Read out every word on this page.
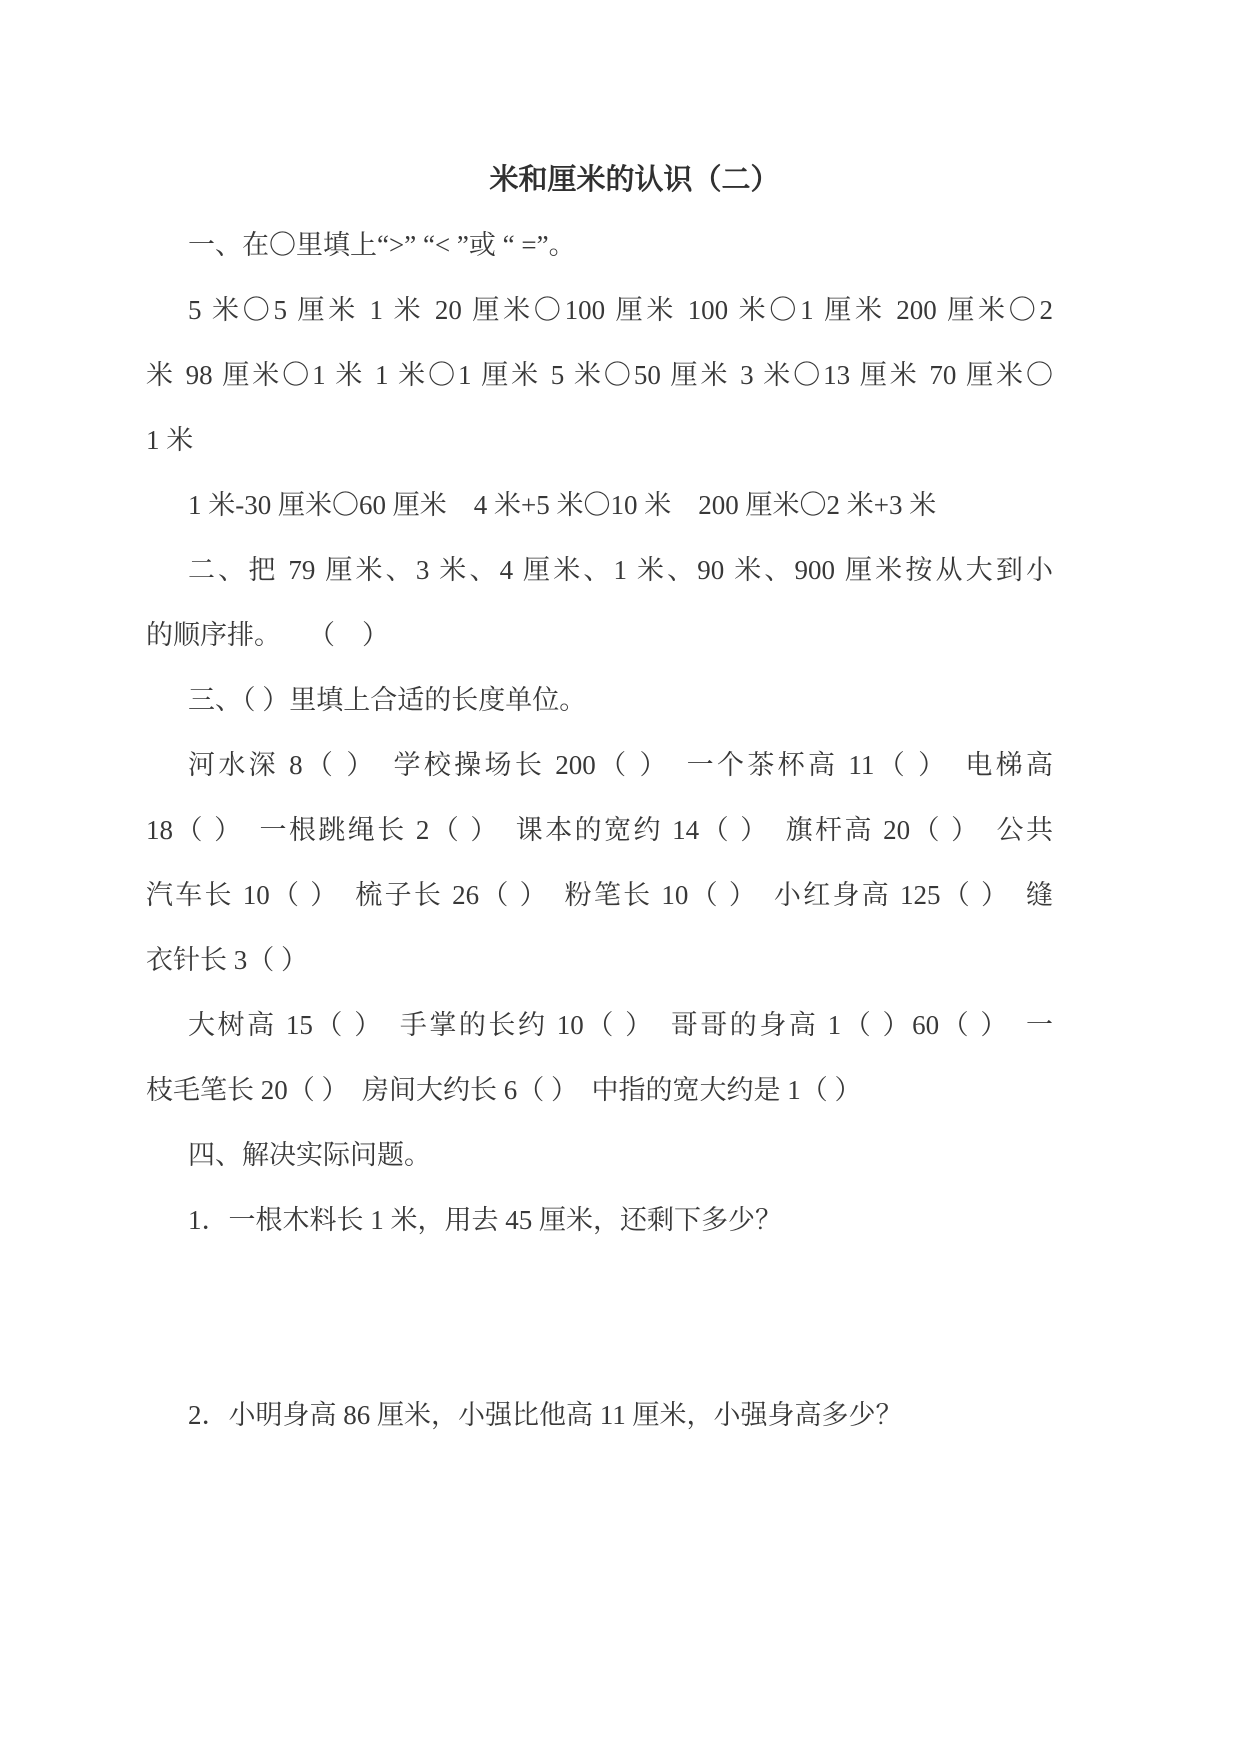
米和厘米的认识（二）
一、在〇里填上“>” “< ”或 “ =”。
5 米〇5 厘米 1 米 20 厘米〇100 厘米 100 米〇1 厘米 200 厘米〇2
米 98 厘米〇1 米 1 米〇1 厘米 5 米〇50 厘米 3 米〇13 厘米 70 厘米〇
1 米
1 米-30 厘米〇60 厘米　4 米+5 米〇10 米　200 厘米〇2 米+3 米
二、把 79 厘米、3 米、4 厘米、1 米、90 米、900 厘米按从大到小
的顺序排。　　（　）
三、（ ）里填上合适的长度单位。
河水深 8（ ）　学校操场长 200（ ）　一个茶杯高 11（ ）　电梯高
18（ ）　一根跳绳长 2（ ）　课本的宽约 14（ ）　旗杆高 20（ ）　公共
汽车长 10（ ）　梳子长 26（ ）　粉笔长 10（ ）　小红身高 125（ ）　缝
衣针长 3（ ）
大树高 15（ ）　手掌的长约 10（ ）　哥哥的身高 1（ ）60（ ）　一
枝毛笔长 20（ ）　房间大约长 6（ ）　中指的宽大约是 1（ ）
四、解决实际问题。
1．一根木料长 1 米，用去 45 厘米，还剩下多少？
2．小明身高 86 厘米，小强比他高 11 厘米，小强身高多少？
